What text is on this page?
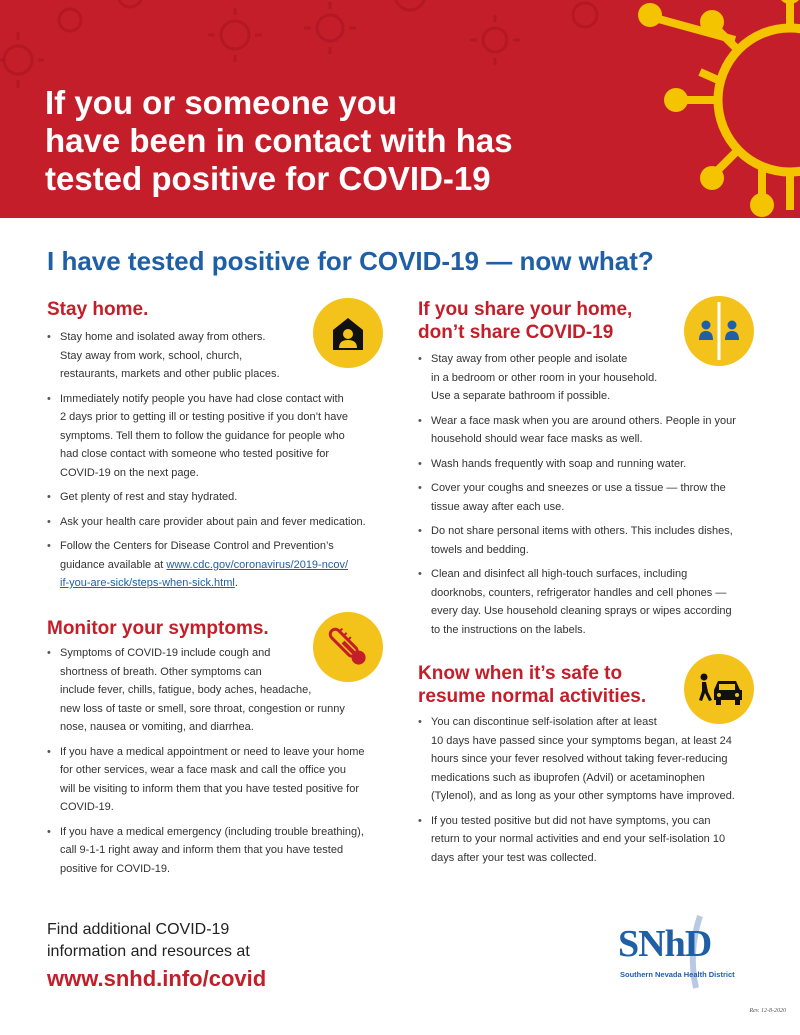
If you or someone you
have been in contact with has
tested positive for COVID-19
I have tested positive for COVID-19 — now what?
Stay home.
• Stay home and isolated away from others.
Stay away from work, school, church,
restaurants, markets and other public places.
• Immediately notify people you have had close contact with
2 days prior to getting ill or testing positive if you don’t have
symptoms. Tell them to follow the guidance for people who
had close contact with someone who tested positive for
COVID-19 on the next page.
• Get plenty of rest and stay hydrated.
• Ask your health care provider about pain and fever medication.
• Follow the Centers for Disease Control and Prevention’s
guidance available at www.cdc.gov/coronavirus/2019-ncov/
if-you-are-sick/steps-when-sick.html.
Monitor your symptoms.
• Symptoms of COVID-19 include cough and
shortness of breath. Other symptoms can
include fever, chills, fatigue, body aches, headache,
new loss of taste or smell, sore throat, congestion or runny
nose, nausea or vomiting, and diarrhea.
• If you have a medical appointment or need to leave your home
for other services, wear a face mask and call the office you
will be visiting to inform them that you have tested positive for
COVID-19.
• If you have a medical emergency (including trouble breathing),
call 9-1-1 right away and inform them that you have tested
positive for COVID-19.
If you share your home,
don’t share COVID-19
• Stay away from other people and isolate
in a bedroom or other room in your household.
Use a separate bathroom if possible.
• Wear a face mask when you are around others. People in your
household should wear face masks as well.
• Wash hands frequently with soap and running water.
• Cover your coughs and sneezes or use a tissue — throw the
tissue away after each use.
• Do not share personal items with others. This includes dishes,
towels and bedding.
• Clean and disinfect all high-touch surfaces, including
doorknobs, counters, refrigerator handles and cell phones —
every day. Use household cleaning sprays or wipes according
to the instructions on the labels.
Know when it’s safe to
resume normal activities.
• You can discontinue self-isolation after at least
10 days have passed since your symptoms began, at least 24
hours since your fever resolved without taking fever-reducing
medications such as ibuprofen (Advil) or acetaminophen
(Tylenol), and as long as your other symptoms have improved.
• If you tested positive but did not have symptoms, you can
return to your normal activities and end your self-isolation 10
days after your test was collected.

Find additional COVID-19
information and resources at

www.snhd.info/covid
SNhD
Southern Nevada Health District
Rev. 12-8-2020
